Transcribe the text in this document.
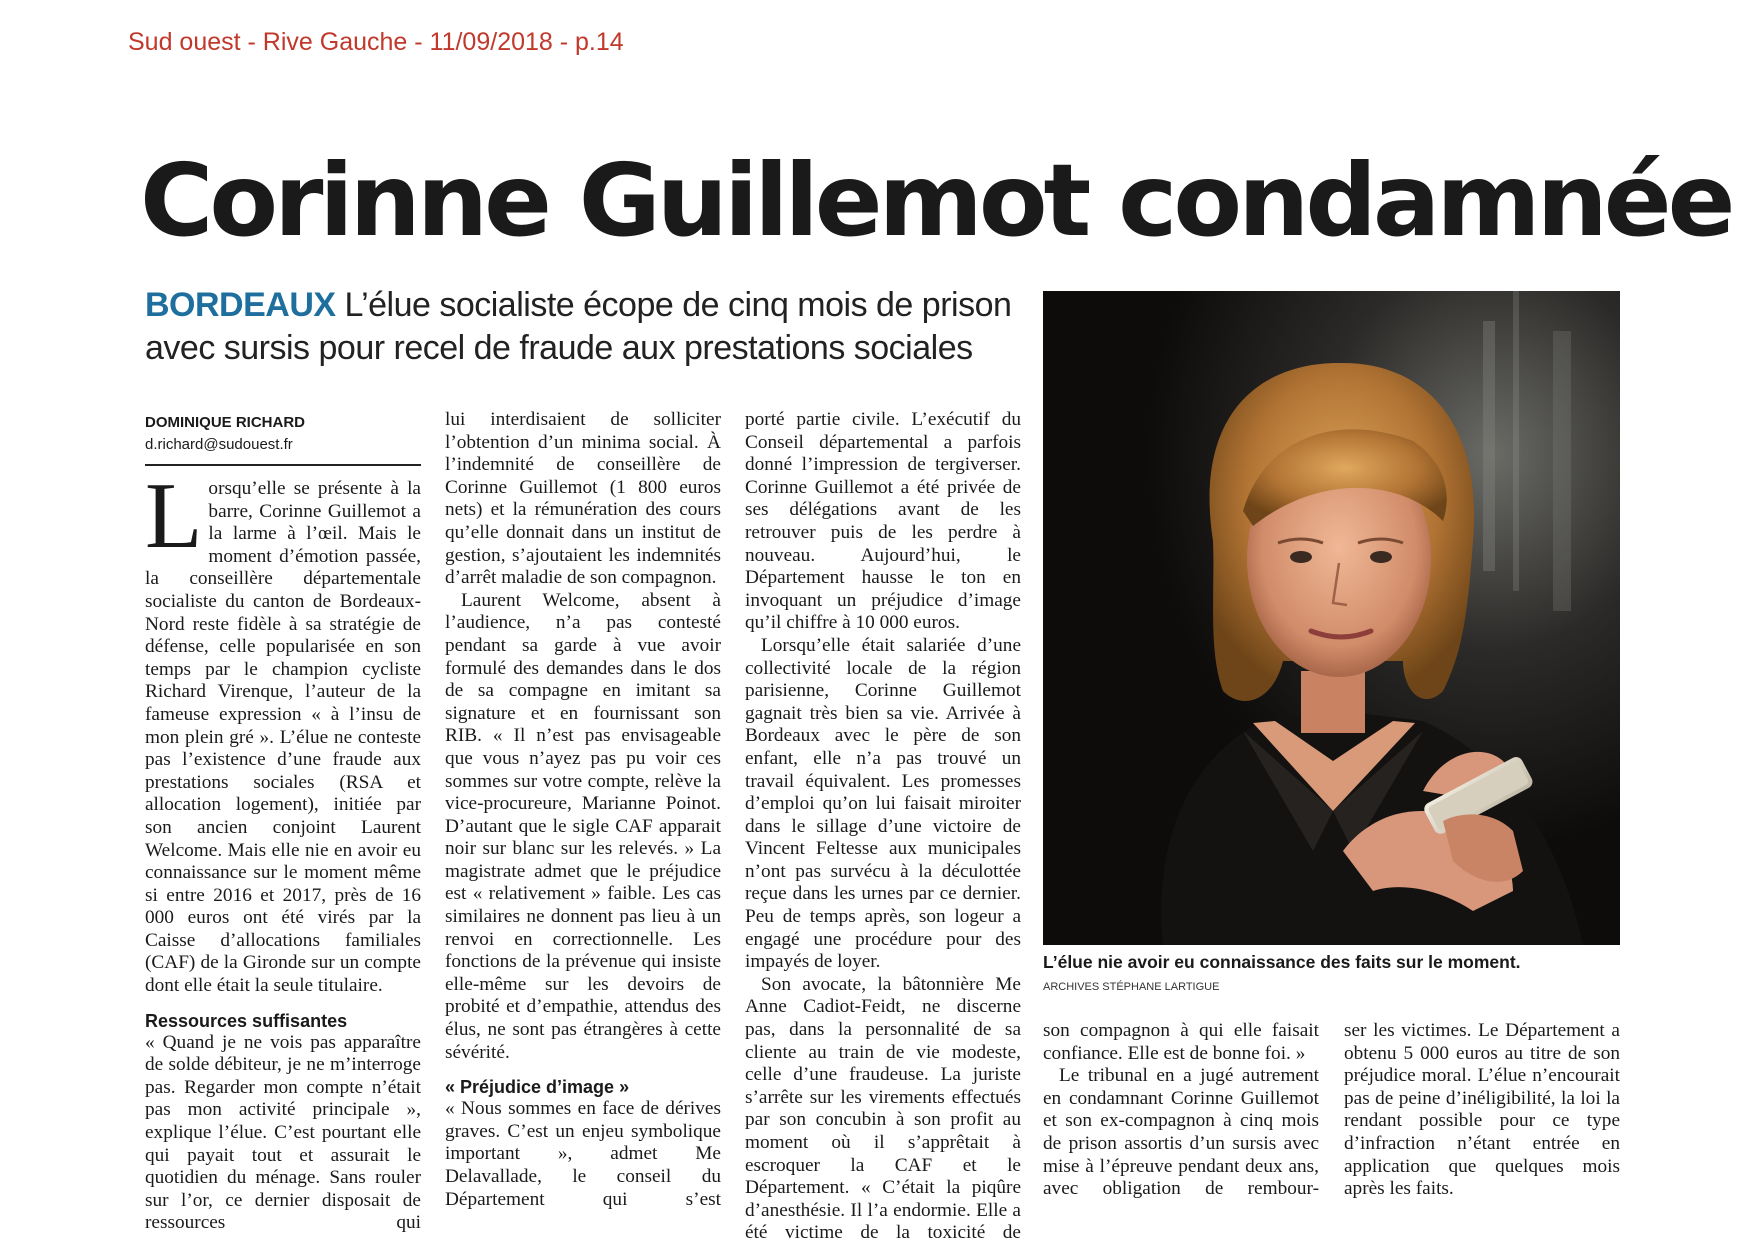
Sud ouest - Rive Gauche - 11/09/2018 - p.14
Corinne Guillemot condamnée
BORDEAUX L’élue socialiste écope de cinq mois de prison avec sursis pour recel de fraude aux prestations sociales
DOMINIQUE RICHARD
d.richard@sudouest.fr

Lorsqu’elle se présente à la barre, Corinne Guillemot a la larme à l’œil. Mais le moment d’émotion passée, la conseillère départementale socialiste du canton de Bordeaux-Nord reste fidèle à sa stratégie de défense, celle popularisée en son temps par le champion cycliste Richard Virenque, l’auteur de la fameuse expression « à l’insu de mon plein gré ». L’élue ne conteste pas l’existence d’une fraude aux prestations sociales (RSA et allocation logement), initiée par son ancien conjoint Laurent Welcome. Mais elle nie en avoir eu connaissance sur le moment même si entre 2016 et 2017, près de 16 000 euros ont été virés par la Caisse d’allocations familiales (CAF) de la Gironde sur un compte dont elle était la seule titulaire.

Ressources suffisantes

« Quand je ne vois pas apparaître de solde débiteur, je ne m’interroge pas. Regarder mon compte n’était pas mon activité principale », explique l’élue. C’est pourtant elle qui payait tout et assurait le quotidien du ménage. Sans rouler sur l’or, ce dernier disposait de ressources qui

lui interdisaient de solliciter l’obtention d’un minima social. À l’indemnité de conseillère de Corinne Guillemot (1 800 euros nets) et la rémunération des cours qu’elle donnait dans un institut de gestion, s’ajoutaient les indemnités d’arrêt maladie de son compagnon.

Laurent Welcome, absent à l’audience, n’a pas contesté pendant sa garde à vue avoir formulé des demandes dans le dos de sa compagne en imitant sa signature et en fournissant son RIB. « Il n’est pas envisageable que vous n’ayez pas pu voir ces sommes sur votre compte, relève la vice-procureure, Marianne Poinot. D’autant que le sigle CAF apparait noir sur blanc sur les relevés. » La magistrate admet que le préjudice est « relativement » faible. Les cas similaires ne donnent pas lieu à un renvoi en correctionnelle. Les fonctions de la prévenue qui insiste elle-même sur les devoirs de probité et d’empathie, attendus des élus, ne sont pas étrangères à cette sévérité.

« Préjudice d’image »

« Nous sommes en face de dérives graves. C’est un enjeu symbolique important », admet Me Delavallade, le conseil du Département qui s’est

porté partie civile. L’exécutif du Conseil départemental a parfois donné l’impression de tergiverser. Corinne Guillemot a été privée de ses délégations avant de les retrouver puis de les perdre à nouveau. Aujourd’hui, le Département hausse le ton en invoquant un préjudice d’image qu’il chiffre à 10 000 euros.

Lorsqu’elle était salariée d’une collectivité locale de la région parisienne, Corinne Guillemot gagnait très bien sa vie. Arrivée à Bordeaux avec le père de son enfant, elle n’a pas trouvé un travail équivalent. Les promesses d’emploi qu’on lui faisait miroiter dans le sillage d’une victoire de Vincent Feltesse aux municipales n’ont pas survécu à la déculottée reçue dans les urnes par ce dernier. Peu de temps après, son logeur a engagé une procédure pour des impayés de loyer.

Son avocate, la bâtonnière Me Anne Cadiot-Feidt, ne discerne pas, dans la personnalité de sa cliente au train de vie modeste, celle d’une fraudeuse. La juriste s’arrête sur les virements effectués par son concubin à son profit au moment où il s’apprêtait à escroquer la CAF et le Département. « C’était la piqûre d’anesthésie. Il l’a endormie. Elle a été victime de la toxicité de

L’élue nie avoir eu connaissance des faits sur le moment.
ARCHIVES STÉPHANE LARTIGUE

son compagnon à qui elle faisait confiance. Elle est de bonne foi. »

Le tribunal en a jugé autrement en condamnant Corinne Guillemot et son ex-compagnon à cinq mois de prison assortis d’un sursis avec mise à l’épreuve pendant deux ans, avec obligation de rembour-

ser les victimes. Le Département a obtenu 5 000 euros au titre de son préjudice moral. L’élue n’encourait pas de peine d’inéligibilité, la loi la rendant possible pour ce type d’infraction n’étant entrée en application que quelques mois après les faits.
